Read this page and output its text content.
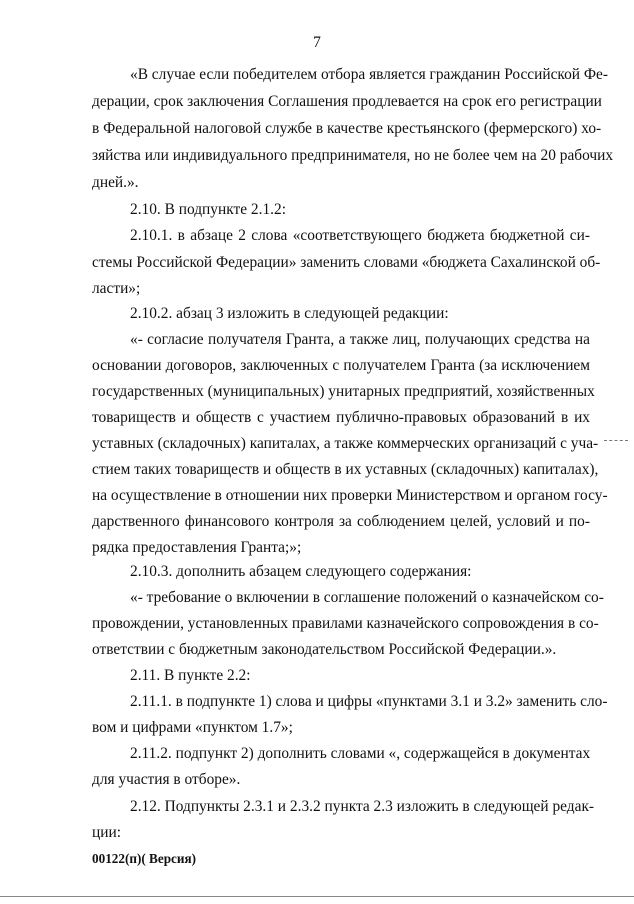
7
«В случае если победителем отбора является гражданин Российской Фе-
дерации, срок заключения Соглашения продлевается на срок его регистрации
в Федеральной налоговой службе в качестве крестьянского (фермерского) хо-
зяйства или индивидуального предпринимателя, но не более чем на 20 рабочих
дней.».
2.10. В подпункте 2.1.2:
2.10.1. в абзаце 2 слова «соответствующего бюджета бюджетной си-
стемы Российской Федерации» заменить словами «бюджета Сахалинской об-
ласти»;
2.10.2. абзац 3 изложить в следующей редакции:
«- согласие получателя Гранта, а также лиц, получающих средства на
основании договоров, заключенных с получателем Гранта (за исключением
государственных (муниципальных) унитарных предприятий, хозяйственных
товариществ и обществ с участием публично-правовых образований в их
уставных (складочных) капиталах, а также коммерческих организаций с уча-
стием таких товариществ и обществ в их уставных (складочных) капиталах),
на осуществление в отношении них проверки Министерством и органом госу-
дарственного финансового контроля за соблюдением целей, условий и по-
рядка предоставления Гранта;»;
2.10.3. дополнить абзацем следующего содержания:
«- требование о включении в соглашение положений о казначейском со-
провождении, установленных правилами казначейского сопровождения в со-
ответствии с бюджетным законодательством Российской Федерации.».
2.11. В пункте 2.2:
2.11.1. в подпункте 1) слова и цифры «пунктами 3.1 и 3.2» заменить сло-
вом и цифрами «пунктом 1.7»;
2.11.2. подпункт 2) дополнить словами «, содержащейся в документах
для участия в отборе».
2.12. Подпункты 2.3.1 и 2.3.2 пункта 2.3 изложить в следующей редак-
ции:
00122(п)( Версия)
